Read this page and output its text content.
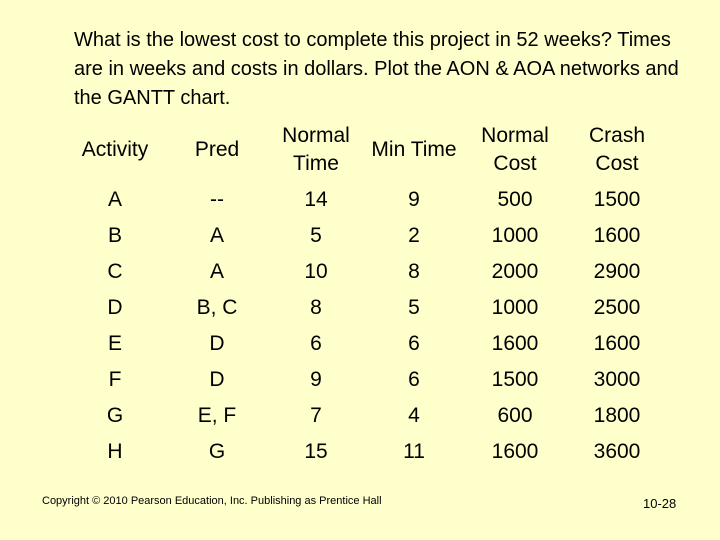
What is the lowest cost to complete this project in 52 weeks? Times are in weeks and costs in dollars. Plot the AON & AOA networks and the GANTT chart.
Activity	Pred	Normal Time	Min Time	Normal Cost	Crash Cost
A	--	14	9	500	1500
B	A	5	2	1000	1600
C	A	10	8	2000	2900
D	B, C	8	5	1000	2500
E	D	6	6	1600	1600
F	D	9	6	1500	3000
G	E, F	7	4	600	1800
H	G	15	11	1600	3600
Copyright © 2010 Pearson Education, Inc. Publishing as Prentice Hall	10-28
